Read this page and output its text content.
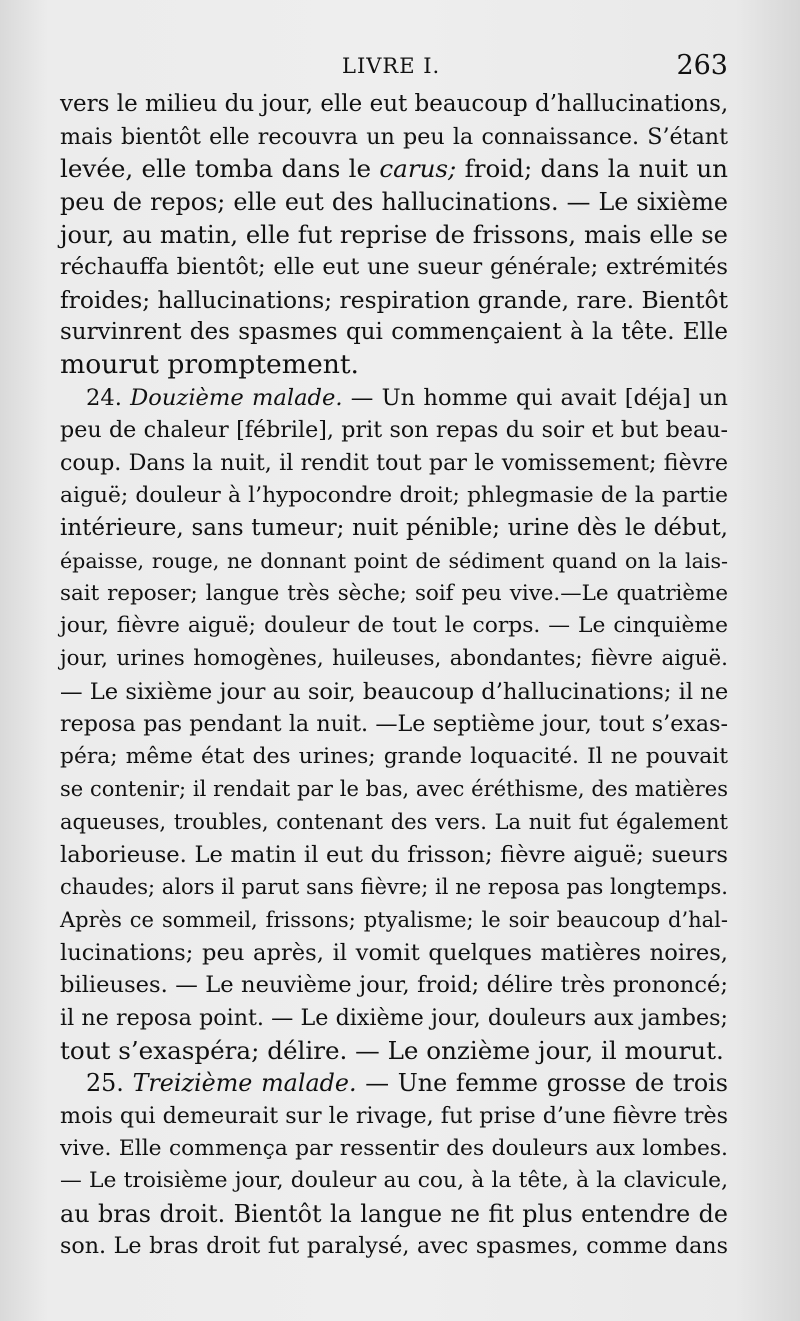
LIVRE I.	263
vers le milieu du jour, elle eut beaucoup d’hallucinations,
mais bientôt elle recouvra un peu la connaissance. S’étant
levée, elle tomba dans le carus; froid; dans la nuit un
peu de repos; elle eut des hallucinations. — Le sixième
jour, au matin, elle fut reprise de frissons, mais elle se
réchauffa bientôt; elle eut une sueur générale; extrémités
froides; hallucinations; respiration grande, rare. Bientôt
survinrent des spasmes qui commençaient à la tête. Elle
mourut promptement.
24. Douzième malade. — Un homme qui avait [déja] un
peu de chaleur [fébrile], prit son repas du soir et but beau-
coup. Dans la nuit, il rendit tout par le vomissement; fièvre
aiguë; douleur à l’hypocondre droit; phlegmasie de la partie
intérieure, sans tumeur; nuit pénible; urine dès le début,
épaisse, rouge, ne donnant point de sédiment quand on la lais-
sait reposer; langue très sèche; soif peu vive.—Le quatrième
jour, fièvre aiguë; douleur de tout le corps. — Le cinquième
jour, urines homogènes, huileuses, abondantes; fièvre aiguë.
— Le sixième jour au soir, beaucoup d’hallucinations; il ne
reposa pas pendant la nuit. —Le septième jour, tout s’exas-
péra; même état des urines; grande loquacité. Il ne pouvait
se contenir; il rendait par le bas, avec éréthisme, des matières
aqueuses, troubles, contenant des vers. La nuit fut également
laborieuse. Le matin il eut du frisson; fièvre aiguë; sueurs
chaudes; alors il parut sans fièvre; il ne reposa pas longtemps.
Après ce sommeil, frissons; ptyalisme; le soir beaucoup d’hal-
lucinations; peu après, il vomit quelques matières noires,
bilieuses. — Le neuvième jour, froid; délire très prononcé;
il ne reposa point. — Le dixième jour, douleurs aux jambes;
tout s’exaspéra; délire. — Le onzième jour, il mourut.
25. Treizième malade. — Une femme grosse de trois
mois qui demeurait sur le rivage, fut prise d’une fièvre très
vive. Elle commença par ressentir des douleurs aux lombes.
— Le troisième jour, douleur au cou, à la tête, à la clavicule,
au bras droit. Bientôt la langue ne fit plus entendre de
son. Le bras droit fut paralysé, avec spasmes, comme dans
